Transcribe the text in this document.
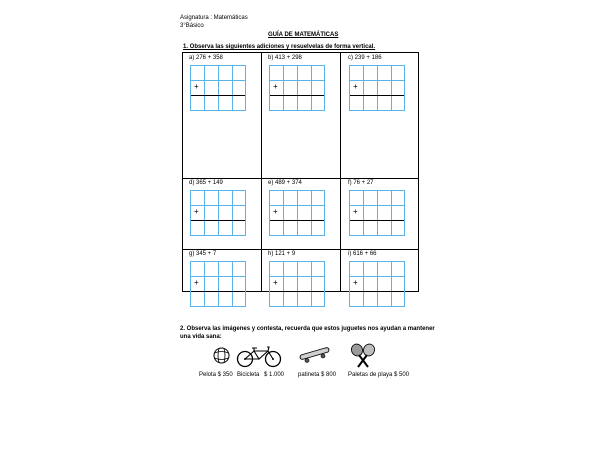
Asignatura : Matemáticas
3°Básico
GUÍA DE MATEMÁTICAS
1. Observa las siguientes adiciones y resuelvelas de forma vertical.
a) 276 + 358
+
b) 413 + 298
+
c) 239 + 186
+
d) 365 + 149
+
e) 489 + 374
+
f) 76 + 27
+
g) 345 + 7
+
h) 121 + 9
+
i) 616 + 66
+
2. Observa las imágenes y contesta, recuerda que estos juguetes nos ayudan a mantener
una vida sana:
Pelota $ 350 Bicicleta $ 1.000 patineta $ 800 Paletas de playa $ 500
